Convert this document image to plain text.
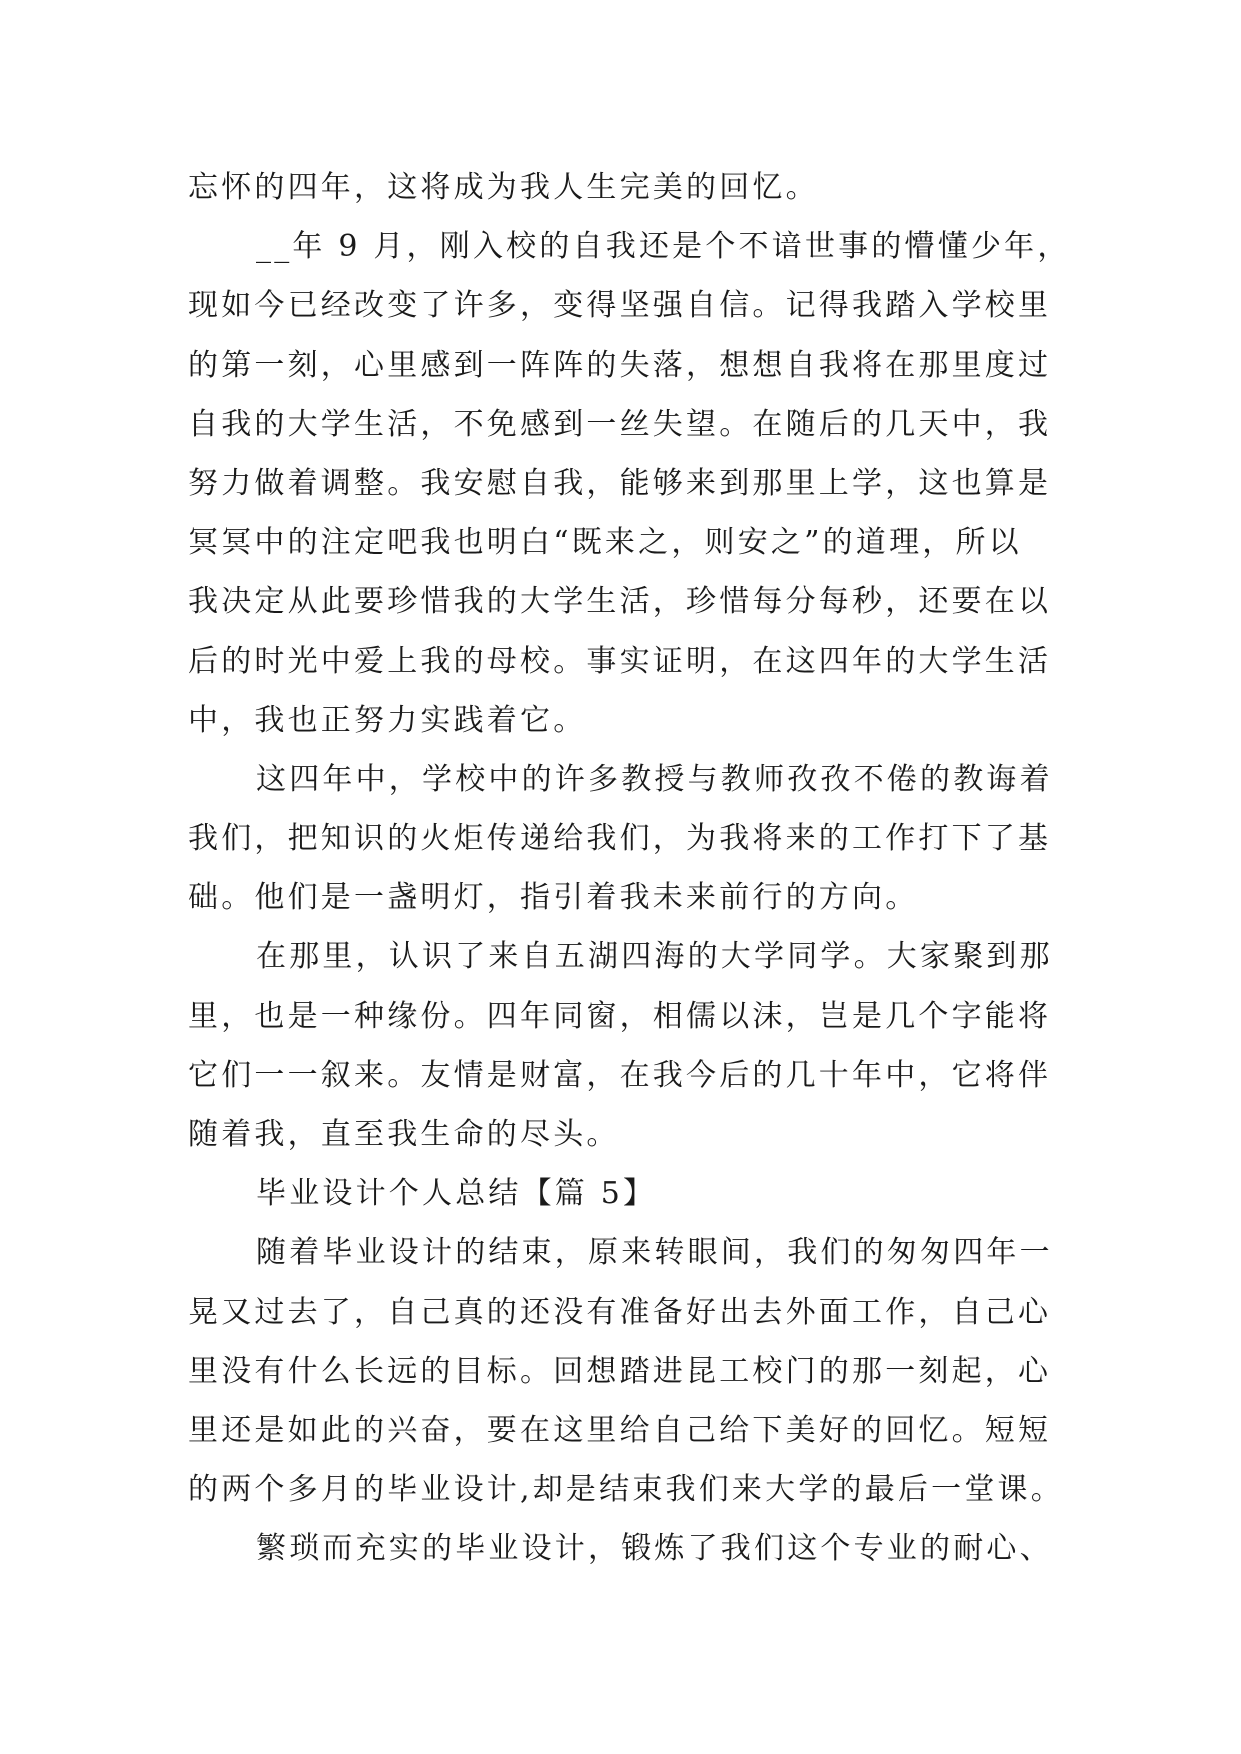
忘怀的四年，这将成为我人生完美的回忆。
__年 9 月，刚入校的自我还是个不谙世事的懵懂少年，
现如今已经改变了许多，变得坚强自信。记得我踏入学校里
的第一刻，心里感到一阵阵的失落，想想自我将在那里度过
自我的大学生活，不免感到一丝失望。在随后的几天中，我
努力做着调整。我安慰自我，能够来到那里上学，这也算是
冥冥中的注定吧我也明白“既来之，则安之”的道理，所以
我决定从此要珍惜我的大学生活，珍惜每分每秒，还要在以
后的时光中爱上我的母校。事实证明，在这四年的大学生活
中，我也正努力实践着它。
这四年中，学校中的许多教授与教师孜孜不倦的教诲着
我们，把知识的火炬传递给我们，为我将来的工作打下了基
础。他们是一盏明灯，指引着我未来前行的方向。
在那里，认识了来自五湖四海的大学同学。大家聚到那
里，也是一种缘份。四年同窗，相儒以沫，岂是几个字能将
它们一一叙来。友情是财富，在我今后的几十年中，它将伴
随着我，直至我生命的尽头。
毕业设计个人总结【篇 5】
随着毕业设计的结束，原来转眼间，我们的匆匆四年一
晃又过去了，自己真的还没有准备好出去外面工作，自己心
里没有什么长远的目标。回想踏进昆工校门的那一刻起，心
里还是如此的兴奋，要在这里给自己给下美好的回忆。短短
的两个多月的毕业设计,却是结束我们来大学的最后一堂课。
繁琐而充实的毕业设计，锻炼了我们这个专业的耐心、
